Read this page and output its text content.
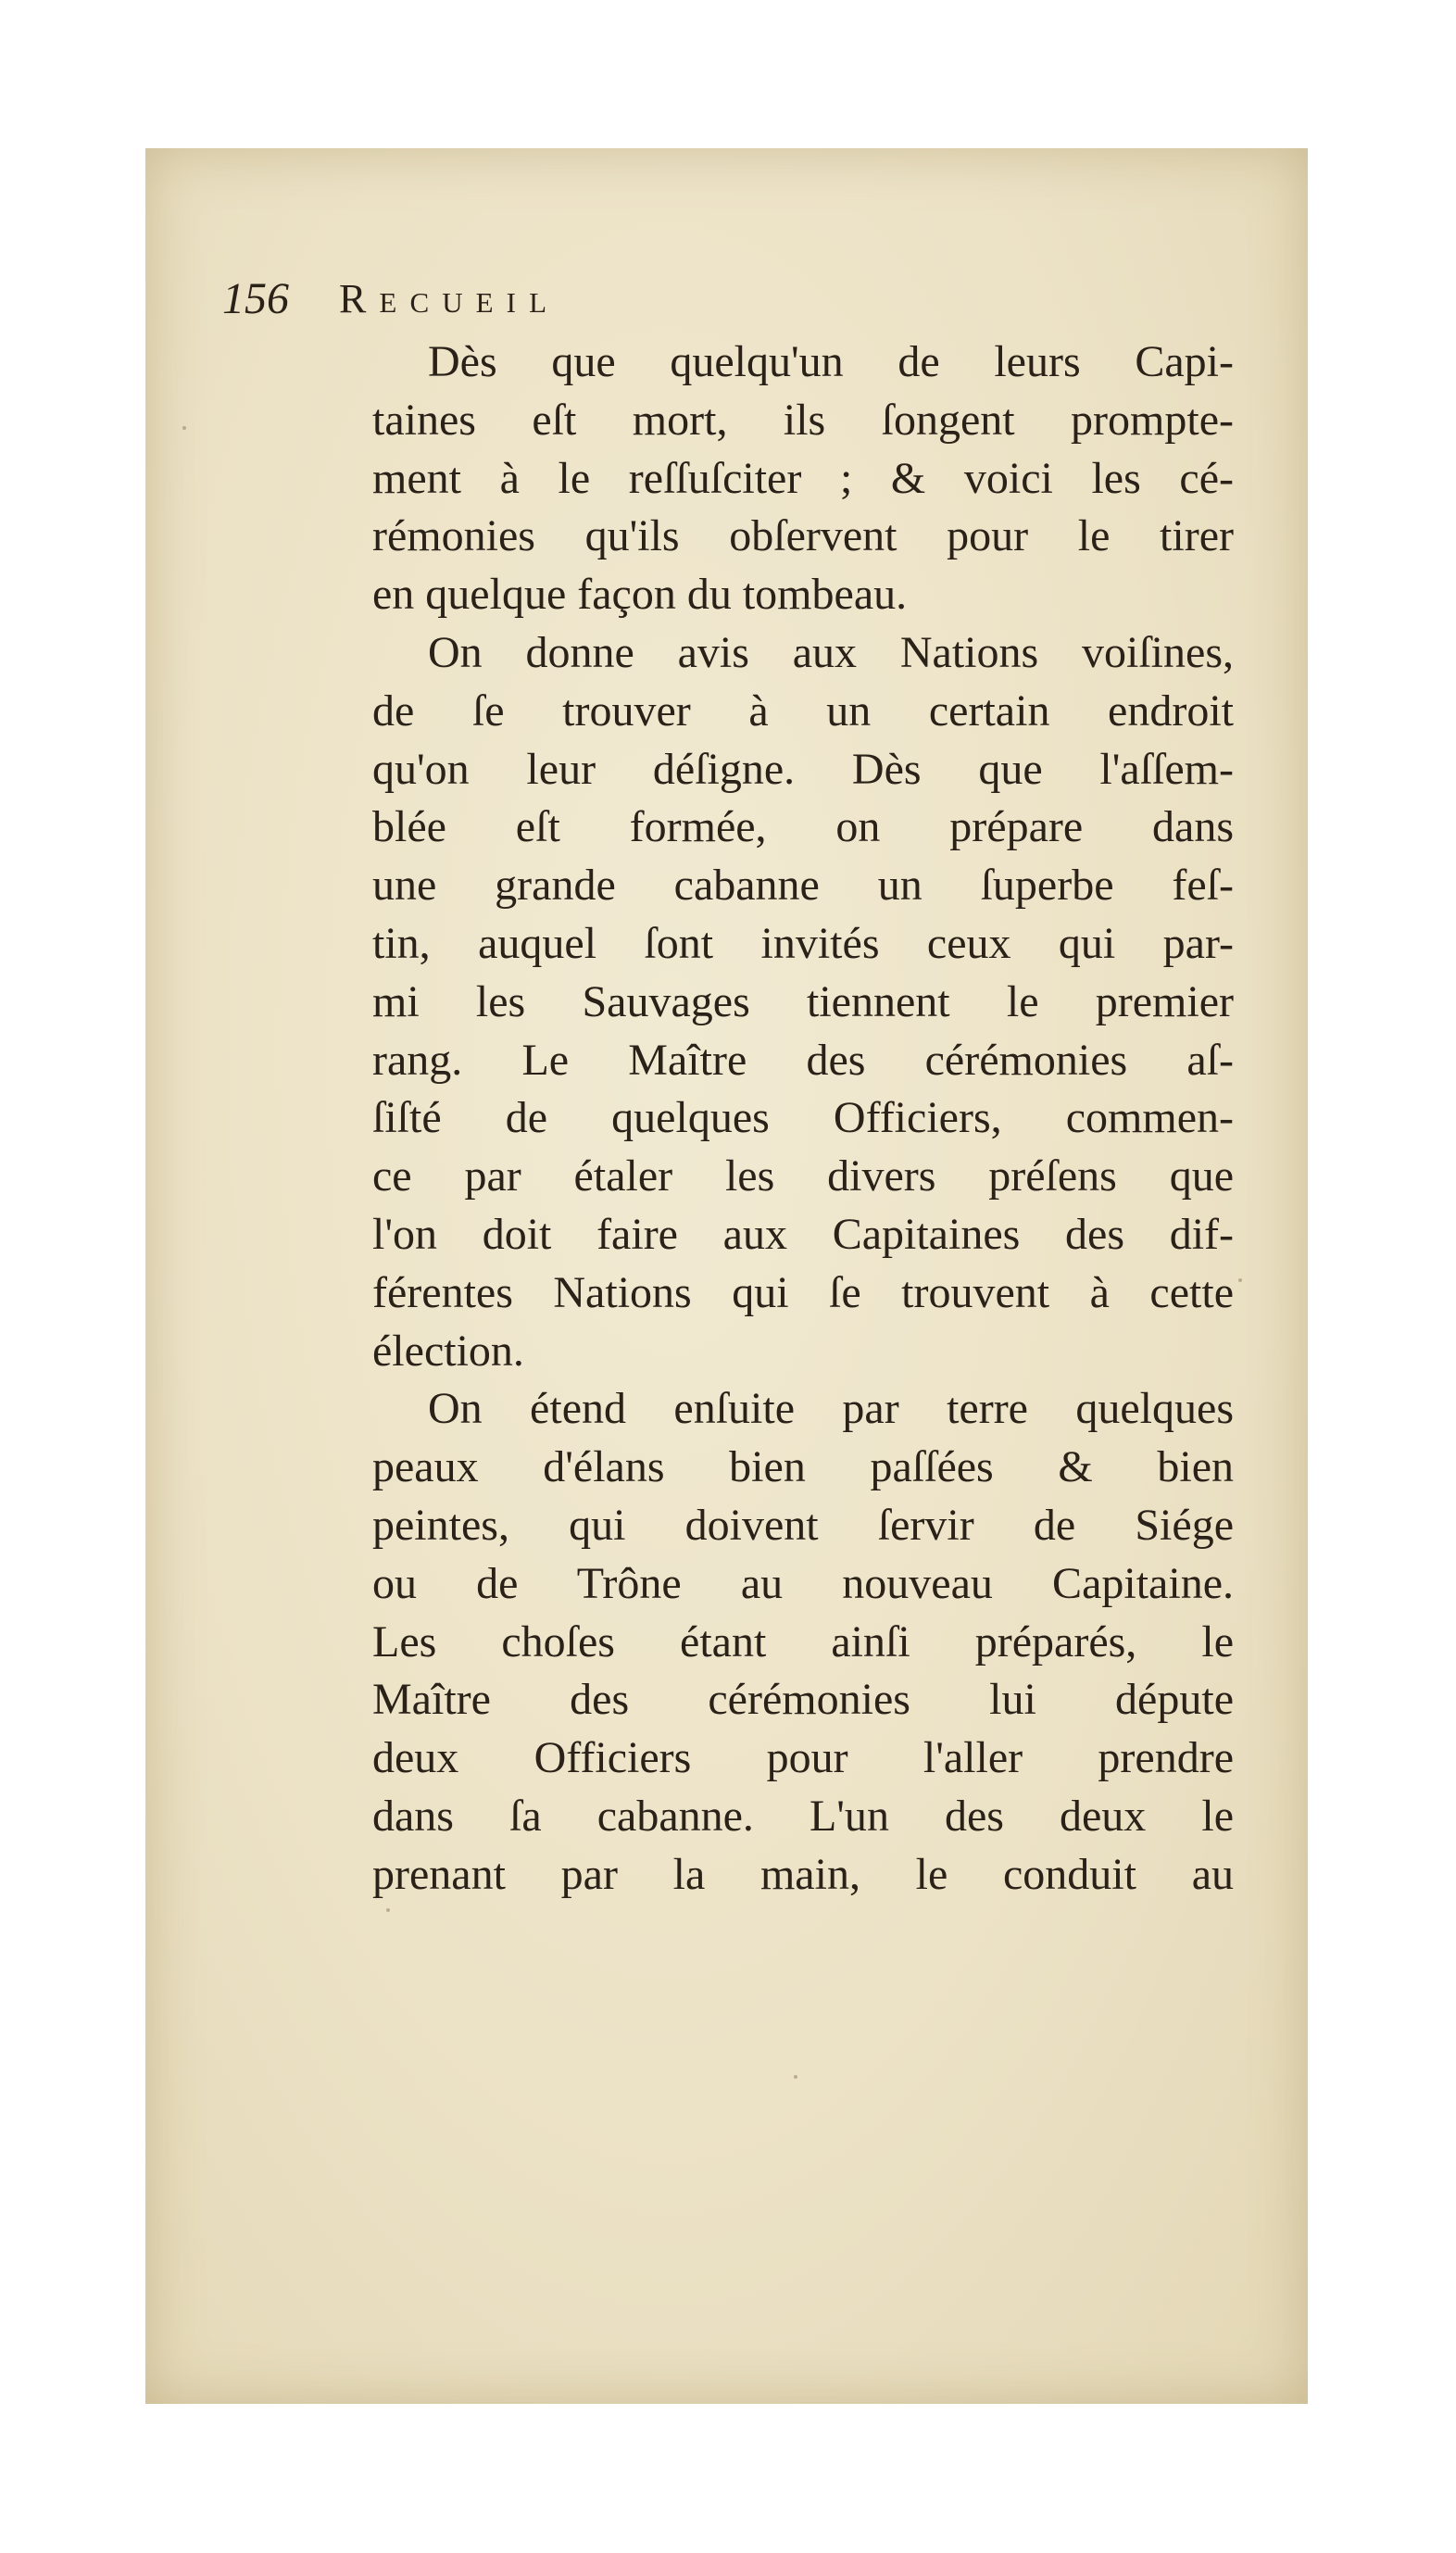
156 Recueil
Dès que quelqu'un de leurs Capi-
taines eſt mort, ils ſongent prompte-
ment à le reſſuſciter ; & voici les cé-
rémonies qu'ils obſervent pour le tirer
en quelque façon du tombeau.
On donne avis aux Nations voiſines,
de ſe trouver à un certain endroit
qu'on leur déſigne. Dès que l'aſſem-
blée eſt formée, on prépare dans
une grande cabanne un ſuperbe feſ-
tin, auquel ſont invités ceux qui par-
mi les Sauvages tiennent le premier
rang. Le Maître des cérémonies aſ-
ſiſté de quelques Officiers, commen-
ce par étaler les divers préſens que
l'on doit faire aux Capitaines des dif-
férentes Nations qui ſe trouvent à cette
élection.
On étend enſuite par terre quelques
peaux d'élans bien paſſées & bien
peintes, qui doivent ſervir de Siége
ou de Trône au nouveau Capitaine.
Les choſes étant ainſi préparés, le
Maître des cérémonies lui députe
deux Officiers pour l'aller prendre
dans ſa cabanne. L'un des deux le
prenant par la main, le conduit au
